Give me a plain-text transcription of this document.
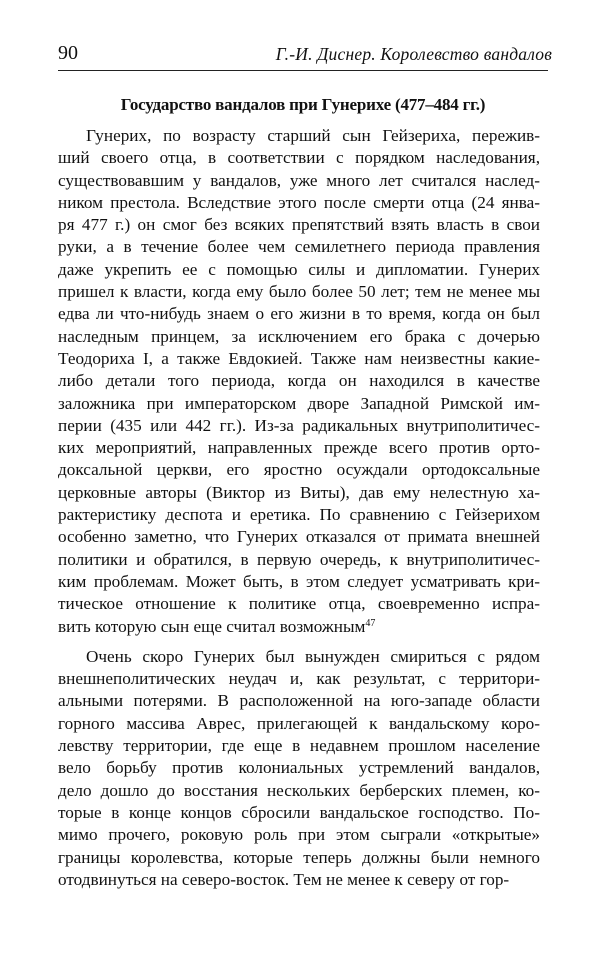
90	Г.-И. Диснер. Королевство вандалов
Государство вандалов при Гунерихе (477–484 гг.)
Гунерих, по возрасту старший сын Гейзериха, пережив-
ший своего отца, в соответствии с порядком наследования,
существовавшим у вандалов, уже много лет считался наслед-
ником престола. Вследствие этого после смерти отца (24 янва-
ря 477 г.) он смог без всяких препятствий взять власть в свои
руки, а в течение более чем семилетнего периода правления
даже укрепить ее с помощью силы и дипломатии. Гунерих
пришел к власти, когда ему было более 50 лет; тем не менее мы
едва ли что-нибудь знаем о его жизни в то время, когда он был
наследным принцем, за исключением его брака с дочерью
Теодориха I, а также Евдокией. Также нам неизвестны какие-
либо детали того периода, когда он находился в качестве
заложника при императорском дворе Западной Римской им-
перии (435 или 442 гг.). Из-за радикальных внутриполитичес-
ких мероприятий, направленных прежде всего против орто-
доксальной церкви, его яростно осуждали ортодоксальные
церковные авторы (Виктор из Виты), дав ему нелестную ха-
рактеристику деспота и еретика. По сравнению с Гейзерихом
особенно заметно, что Гунерих отказался от примата внешней
политики и обратился, в первую очередь, к внутриполитичес-
ким проблемам. Может быть, в этом следует усматривать кри-
тическое отношение к политике отца, своевременно испра-
вить которую сын еще считал возможным$^{47}$
Очень скоро Гунерих был вынужден смириться с рядом
внешнеполитических неудач и, как результат, с территори-
альными потерями. В расположенной на юго-западе области
горного массива Аврес, прилегающей к вандальскому коро-
левству территории, где еще в недавнем прошлом население
вело борьбу против колониальных устремлений вандалов,
дело дошло до восстания нескольких берберских племен, ко-
торые в конце концов сбросили вандальское господство. По-
мимо прочего, роковую роль при этом сыграли «открытые»
границы королевства, которые теперь должны были немного
отодвинуться на северо-восток. Тем не менее к северу от гор-
